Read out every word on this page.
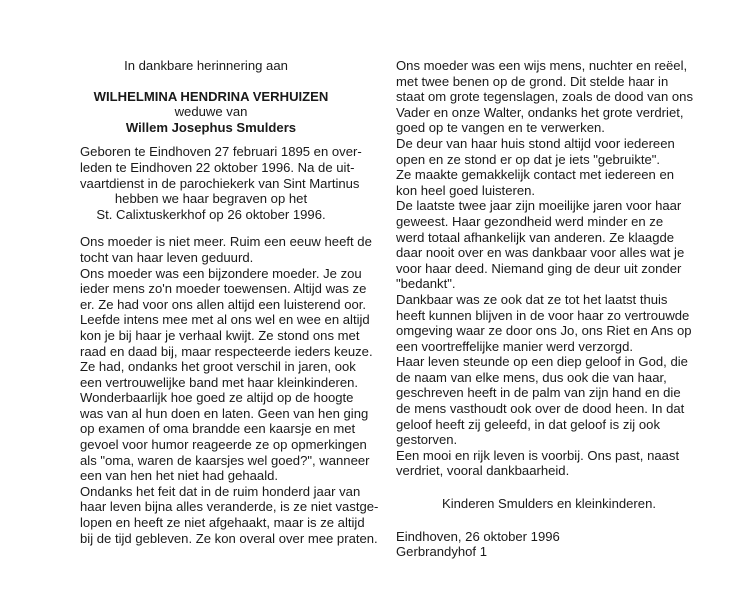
In dankbare herinnering aan
WILHELMINA HENDRINA VERHUIZEN
weduwe van
Willem Josephus Smulders
Geboren te Eindhoven 27 februari 1895 en over-
leden te Eindhoven 22 oktober 1996. Na de uit-
vaartdienst in de parochiekerk van Sint Martinus
hebben we haar begraven op het
St. Calixtuskerkhof op 26 oktober 1996.
Ons moeder is niet meer. Ruim een eeuw heeft de
tocht van haar leven geduurd.
Ons moeder was een bijzondere moeder. Je zou
ieder mens zo'n moeder toewensen. Altijd was ze
er. Ze had voor ons allen altijd een luisterend oor.
Leefde intens mee met al ons wel en wee en altijd
kon je bij haar je verhaal kwijt. Ze stond ons met
raad en daad bij, maar respecteerde ieders keuze.
Ze had, ondanks het groot verschil in jaren, ook
een vertrouwelijke band met haar kleinkinderen.
Wonderbaarlijk hoe goed ze altijd op de hoogte
was van al hun doen en laten. Geen van hen ging
op examen of oma brandde een kaarsje en met
gevoel voor humor reageerde ze op opmerkingen
als "oma, waren de kaarsjes wel goed?", wanneer
een van hen het niet had gehaald.
Ondanks het feit dat in de ruim honderd jaar van
haar leven bijna alles veranderde, is ze niet vastge-
lopen en heeft ze niet afgehaakt, maar is ze altijd
bij de tijd gebleven. Ze kon overal over mee praten.
Ons moeder was een wijs mens, nuchter en reëel,
met twee benen op de grond. Dit stelde haar in
staat om grote tegenslagen, zoals de dood van ons
Vader en onze Walter, ondanks het grote verdriet,
goed op te vangen en te verwerken.
De deur van haar huis stond altijd voor iedereen
open en ze stond er op dat je iets "gebruikte".
Ze maakte gemakkelijk contact met iedereen en
kon heel goed luisteren.
De laatste twee jaar zijn moeilijke jaren voor haar
geweest. Haar gezondheid werd minder en ze
werd totaal afhankelijk van anderen. Ze klaagde
daar nooit over en was dankbaar voor alles wat je
voor haar deed. Niemand ging de deur uit zonder
"bedankt".
Dankbaar was ze ook dat ze tot het laatst thuis
heeft kunnen blijven in de voor haar zo vertrouwde
omgeving waar ze door ons Jo, ons Riet en Ans op
een voortreffelijke manier werd verzorgd.
Haar leven steunde op een diep geloof in God, die
de naam van elke mens, dus ook die van haar,
geschreven heeft in de palm van zijn hand en die
de mens vasthoudt ook over de dood heen. In dat
geloof heeft zij geleefd, in dat geloof is zij ook
gestorven.
Een mooi en rijk leven is voorbij. Ons past, naast
verdriet, vooral dankbaarheid.
Kinderen Smulders en kleinkinderen.
Eindhoven, 26 oktober 1996
Gerbrandyhof 1
